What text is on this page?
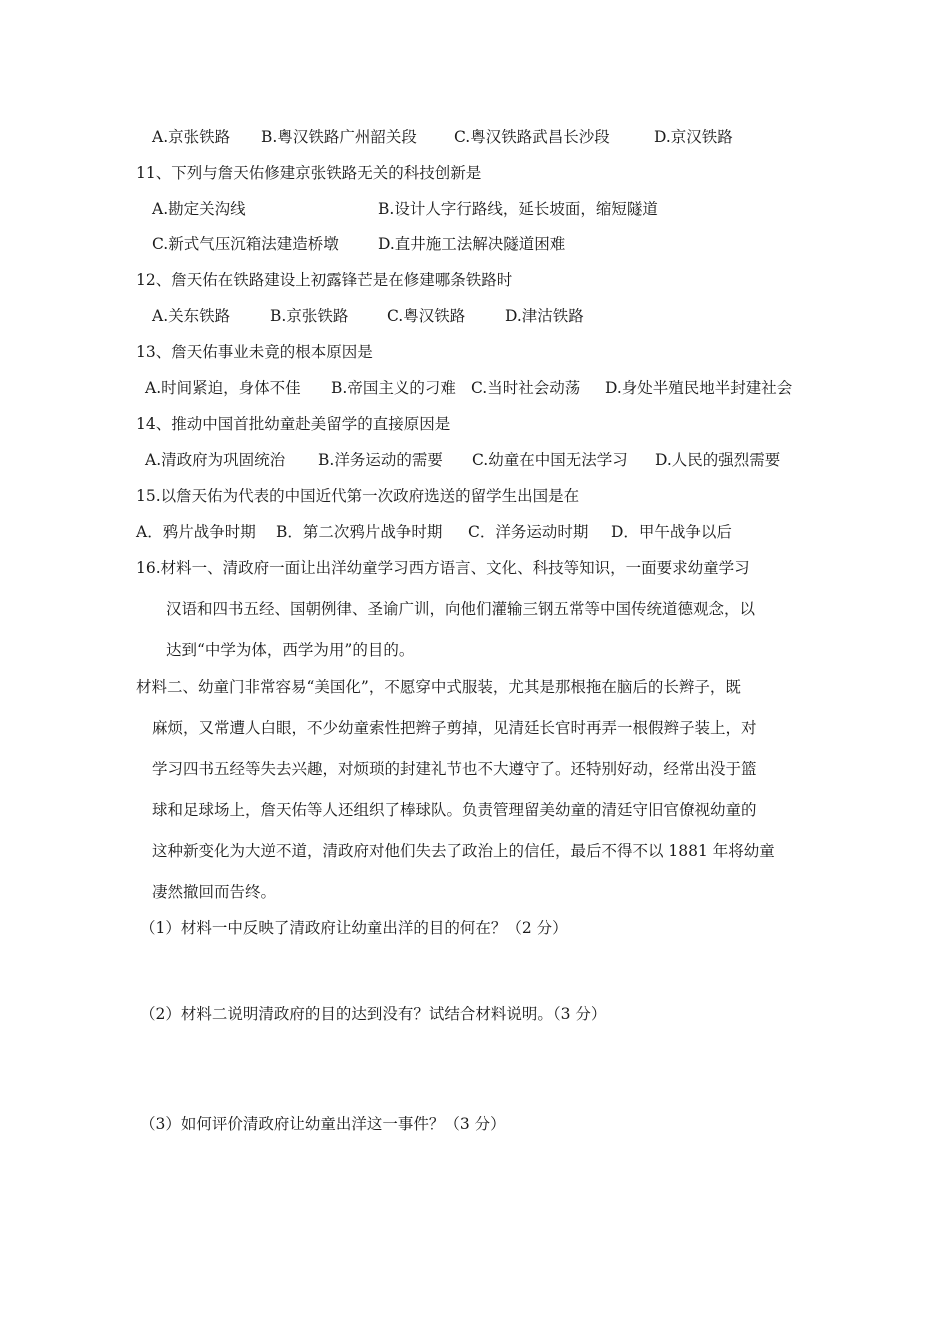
A.京张铁路 B.粤汉铁路广州韶关段 C.粤汉铁路武昌长沙段	D.京汉铁路
11、下列与詹天佑修建京张铁路无关的科技创新是
A.勘定关沟线	B.设计人字行路线，延长坡面，缩短隧道
C.新式气压沉箱法建造桥墩	D.直井施工法解决隧道困难
12、詹天佑在铁路建设上初露锋芒是在修建哪条铁路时
A.关东铁路	B.京张铁路 C.粤汉铁路	D.津沽铁路
13、詹天佑事业未竟的根本原因是
A.时间紧迫，身体不佳 B.帝国主义的刁难 C.当时社会动荡 D.身处半殖民地半封建社会
14、推动中国首批幼童赴美留学的直接原因是
A.清政府为巩固统治 B.洋务运动的需要 C.幼童在中国无法学习 D.人民的强烈需要
15.以詹天佑为代表的中国近代第一次政府选送的留学生出国是在
A．鸦片战争时期 B．第二次鸦片战争时期 C．洋务运动时期 D．甲午战争以后
16.材料一、清政府一面让出洋幼童学习西方语言、文化、科技等知识，一面要求幼童学习
汉语和四书五经、国朝例律、圣谕广训，向他们灌输三钢五常等中国传统道德观念，以
达到“中学为体，西学为用”的目的。
材料二、幼童门非常容易“美国化”，不愿穿中式服装，尤其是那根拖在脑后的长辫子，既
麻烦，又常遭人白眼，不少幼童索性把辫子剪掉，见清廷长官时再弄一根假辫子装上，对
学习四书五经等失去兴趣，对烦琐的封建礼节也不大遵守了。还特别好动，经常出没于篮
球和足球场上，詹天佑等人还组织了棒球队。负责管理留美幼童的清廷守旧官僚视幼童的
这种新变化为大逆不道，清政府对他们失去了政治上的信任，最后不得不以 1881 年将幼童
凄然撤回而告终。
（1）材料一中反映了清政府让幼童出洋的目的何在？（2 分）
（2）材料二说明清政府的目的达到没有？试结合材料说明。（3 分）
（3）如何评价清政府让幼童出洋这一事件？（3 分）
